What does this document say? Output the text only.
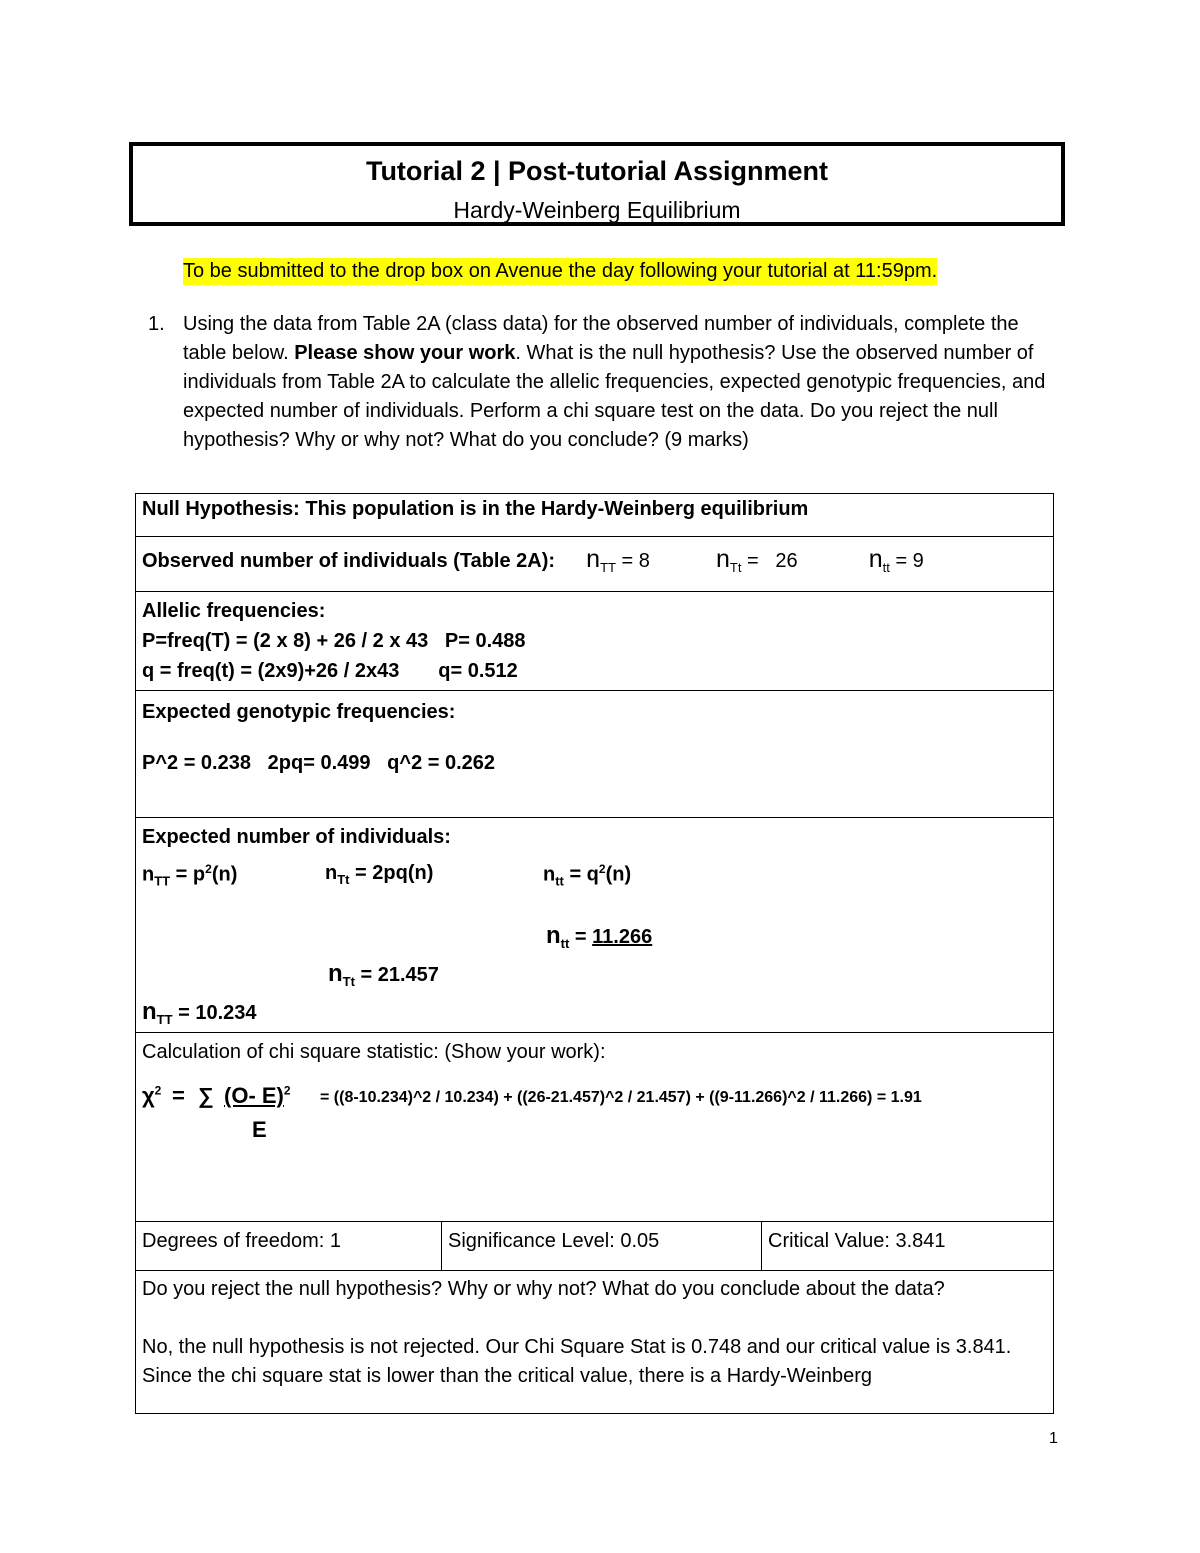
Tutorial 2 | Post-tutorial Assignment
Hardy-Weinberg Equilibrium
To be submitted to the drop box on Avenue the day following your tutorial at 11:59pm.
1. Using the data from Table 2A (class data) for the observed number of individuals, complete the table below. Please show your work. What is the null hypothesis? Use the observed number of individuals from Table 2A to calculate the allelic frequencies, expected genotypic frequencies, and expected number of individuals. Perform a chi square test on the data. Do you reject the null hypothesis? Why or why not? What do you conclude? (9 marks)
Null Hypothesis: This population is in the Hardy-Weinberg equilibrium
Observed number of individuals (Table 2A): $n_{TT} = 8$	$n_{Tt} = 26$	$n_{tt} = 9$

Allelic frequencies:
P=freq(T) = (2 x 8) + 26 / 2 x 43   P= 0.488
q = freq(t) = (2x9)+26 / 2x43       q= 0.512

Expected genotypic frequencies:
P^2 = 0.238   2pq= 0.499   q^2 = 0.262

Expected number of individuals:
$n_{TT} = p^2(n)$	$n_{Tt} = 2pq(n)$	$n_{tt} = q^2(n)$
$n_{tt} = 11.266$
$n_{Tt} = 21.457$
$n_{TT} = 10.234$

Calculation of chi square statistic: (Show your work):
$\chi^2$ = ∑ (O- E)$^2$
E
= ((8-10.234)^2 / 10.234) + ((26-21.457)^2 / 21.457) + ((9-11.266)^2 / 11.266) = 1.91

Degrees of freedom: 1	Significance Level: 0.05	Critical Value: 3.841

Do you reject the null hypothesis? Why or why not? What do you conclude about the data?
No, the null hypothesis is not rejected. Our Chi Square Stat is 0.748 and our critical value is 3.841. Since the chi square stat is lower than the critical value, there is a Hardy-Weinberg
1
